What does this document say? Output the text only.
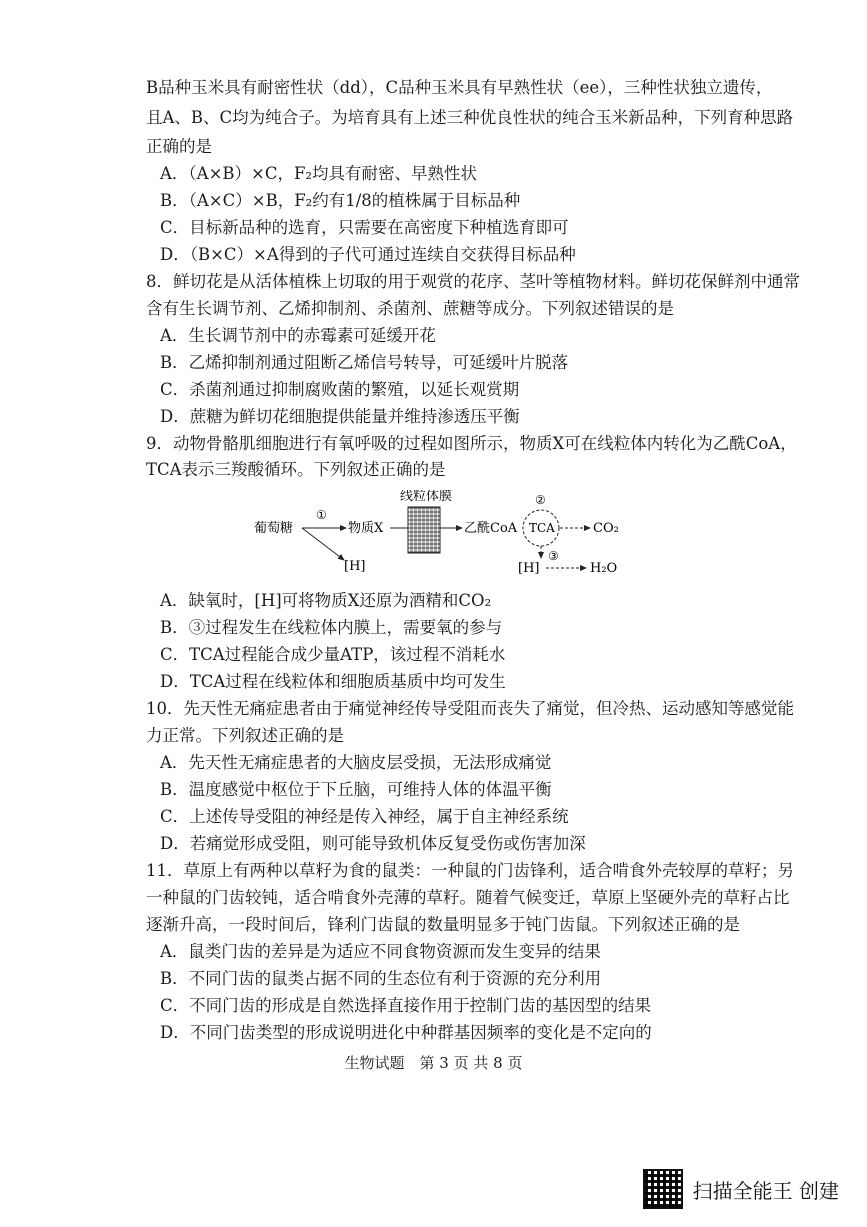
B品种玉米具有耐密性状（dd），C品种玉米具有早熟性状（ee），三种性状独立遗传，
且A、B、C均为纯合子。为培育具有上述三种优良性状的纯合玉米新品种，下列育种思路
正确的是
A．（A×B）×C，F₂均具有耐密、早熟性状
B．（A×C）×B，F₂约有1/8的植株属于目标品种
C．目标新品种的选育，只需要在高密度下种植选育即可
D．（B×C）×A得到的子代可通过连续自交获得目标品种
8．鲜切花是从活体植株上切取的用于观赏的花序、茎叶等植物材料。鲜切花保鲜剂中通常
含有生长调节剂、乙烯抑制剂、杀菌剂、蔗糖等成分。下列叙述错误的是
A．生长调节剂中的赤霉素可延缓开花
B．乙烯抑制剂通过阻断乙烯信号转导，可延缓叶片脱落
C．杀菌剂通过抑制腐败菌的繁殖，以延长观赏期
D．蔗糖为鲜切花细胞提供能量并维持渗透压平衡
9．动物骨骼肌细胞进行有氧呼吸的过程如图所示，物质X可在线粒体内转化为乙酰CoA，
TCA表示三羧酸循环。下列叙述正确的是
线粒体膜
葡萄糖
①
物质X
[H]
乙酰CoA
②
TCA	CO₂
③
[H]	H₂O
A．缺氧时，[H]可将物质X还原为酒精和CO₂
B．③过程发生在线粒体内膜上，需要氧的参与
C．TCA过程能合成少量ATP，该过程不消耗水
D．TCA过程在线粒体和细胞质基质中均可发生
10．先天性无痛症患者由于痛觉神经传导受阻而丧失了痛觉，但冷热、运动感知等感觉能
力正常。下列叙述正确的是
A．先天性无痛症患者的大脑皮层受损，无法形成痛觉
B．温度感觉中枢位于下丘脑，可维持人体的体温平衡
C．上述传导受阻的神经是传入神经，属于自主神经系统
D．若痛觉形成受阻，则可能导致机体反复受伤或伤害加深
11．草原上有两种以草籽为食的鼠类：一种鼠的门齿锋利，适合啃食外壳较厚的草籽；另
一种鼠的门齿较钝，适合啃食外壳薄的草籽。随着气候变迁，草原上坚硬外壳的草籽占比
逐渐升高，一段时间后，锋利门齿鼠的数量明显多于钝门齿鼠。下列叙述正确的是
A．鼠类门齿的差异是为适应不同食物资源而发生变异的结果
B．不同门齿的鼠类占据不同的生态位有利于资源的充分利用
C．不同门齿的形成是自然选择直接作用于控制门齿的基因型的结果
D．不同门齿类型的形成说明进化中种群基因频率的变化是不定向的
生物试题　第 3 页 共 8 页
扫描全能王 创建
